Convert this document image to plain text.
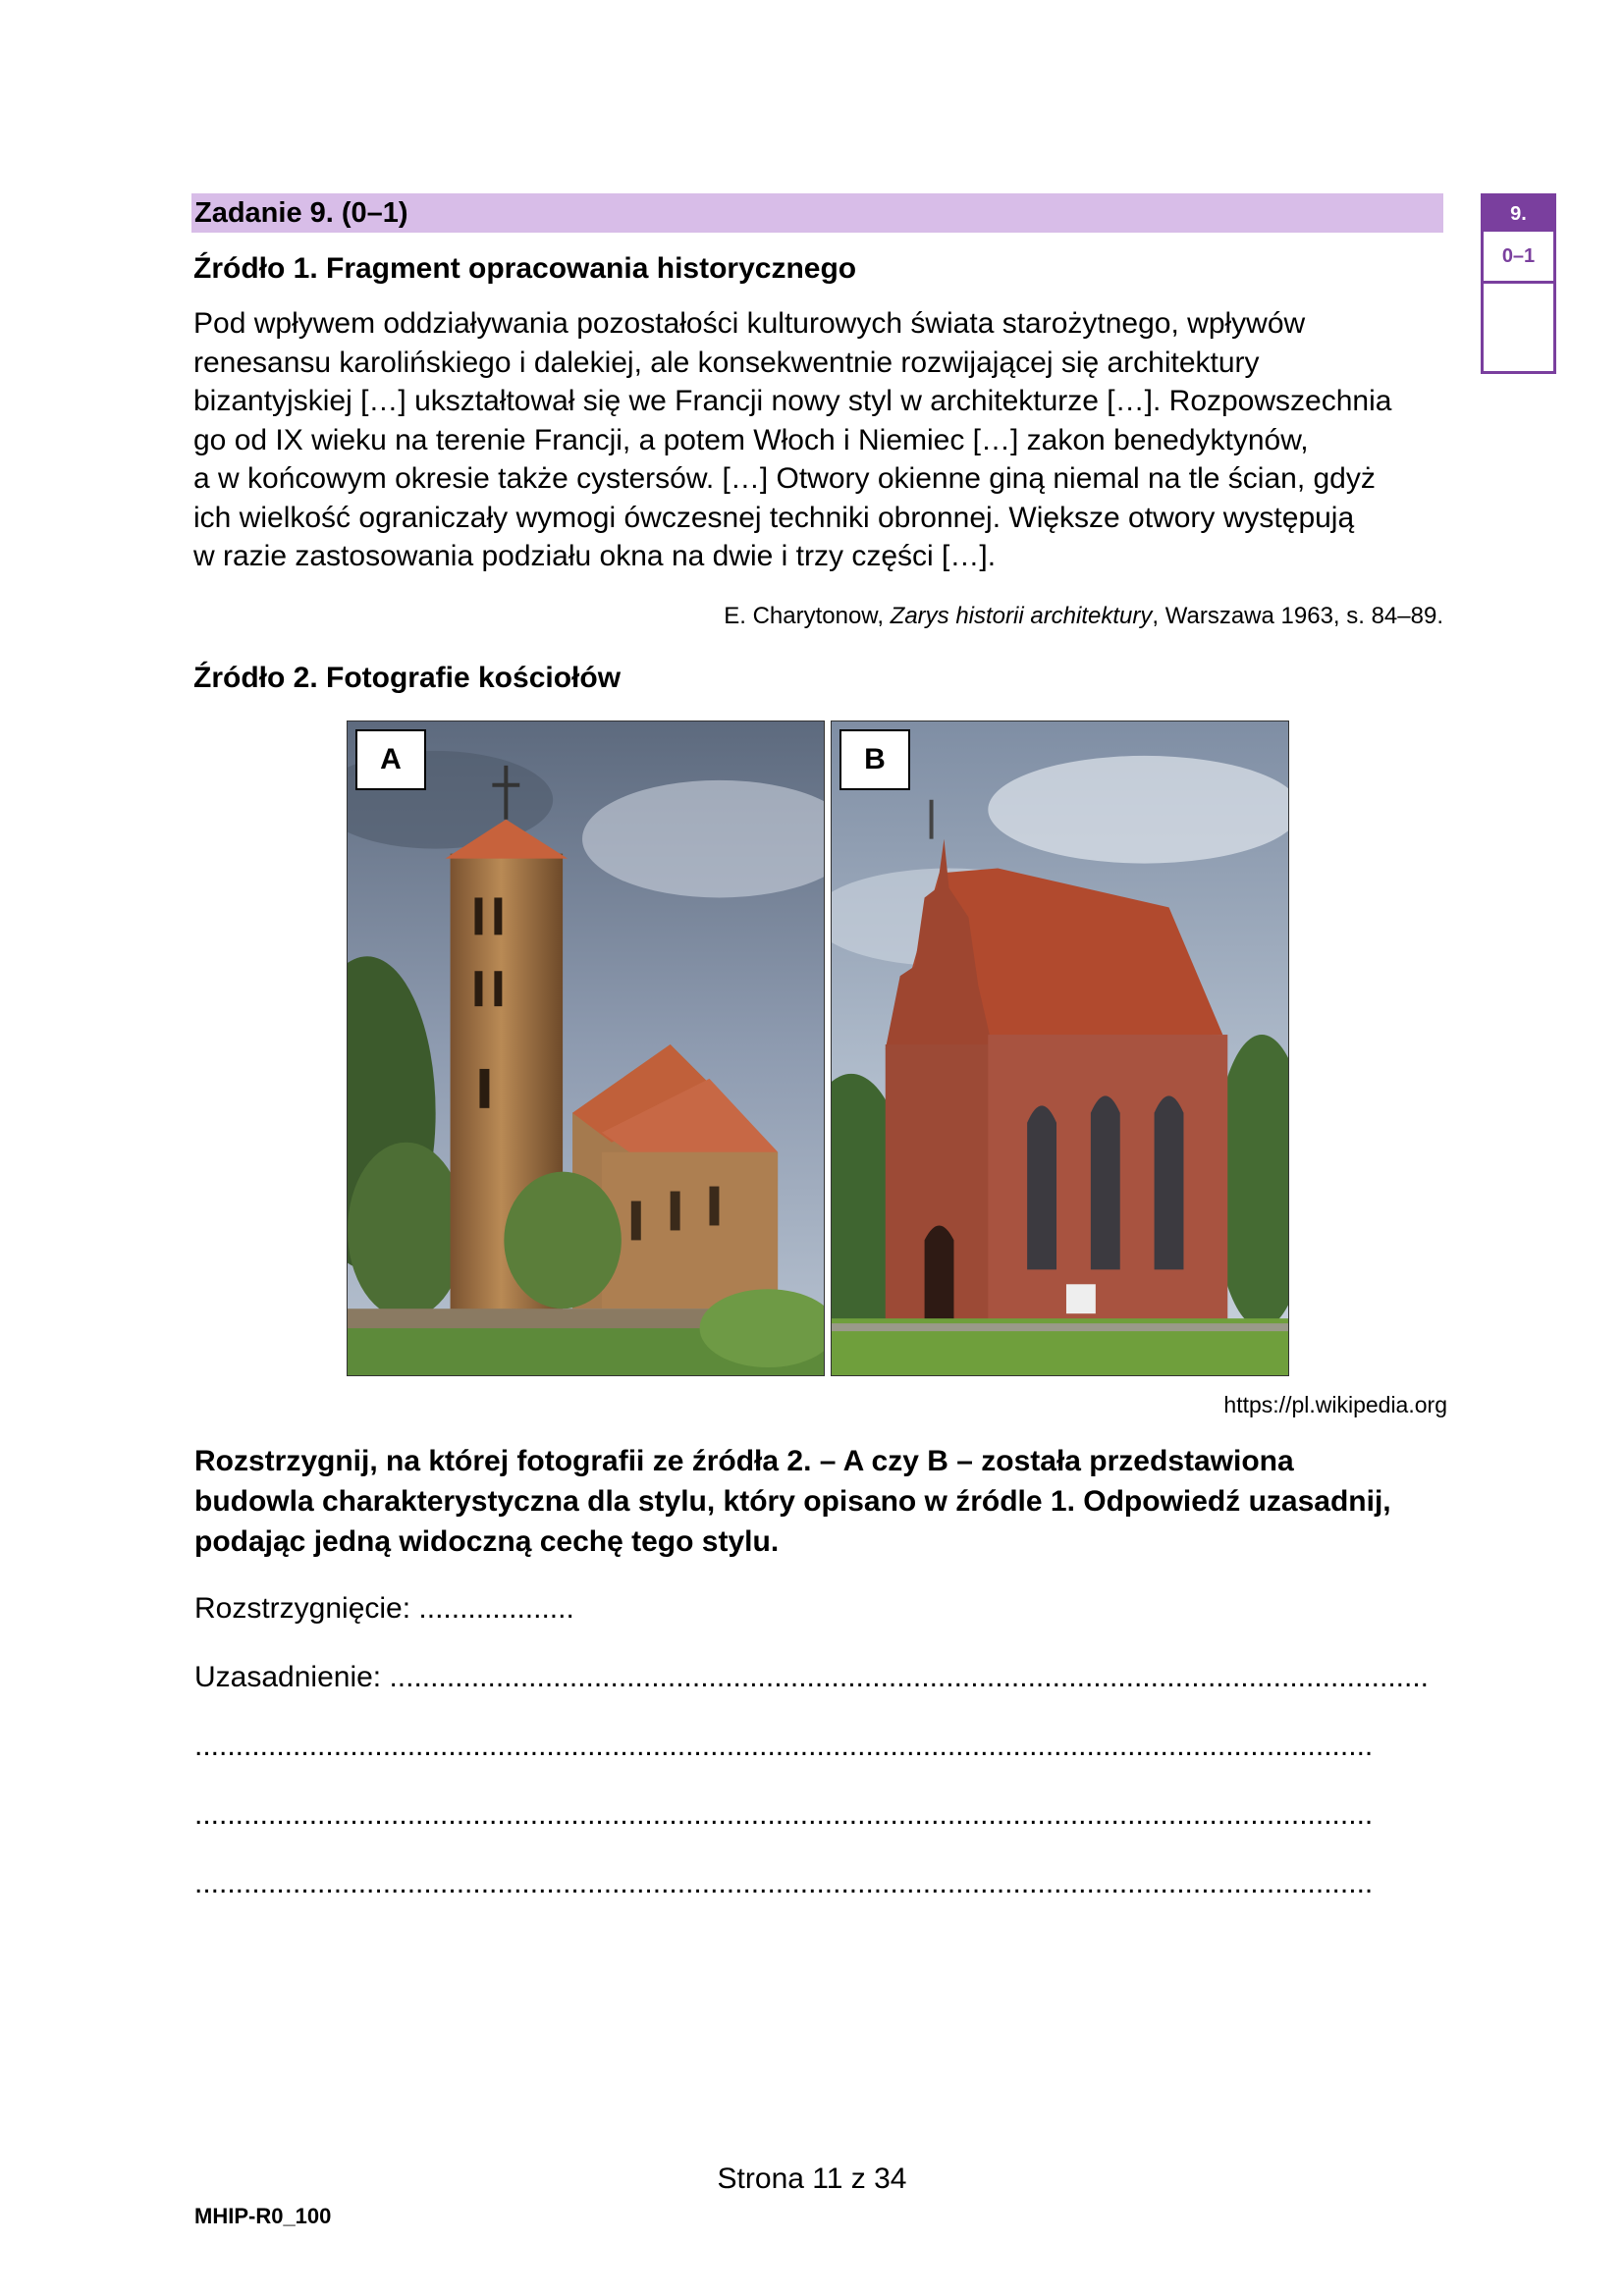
Zadanie 9. (0–1)	9.
0–1
Źródło 1. Fragment opracowania historycznego
Pod wpływem oddziaływania pozostałości kulturowych świata starożytnego, wpływów
renesansu karolińskiego i dalekiej, ale konsekwentnie rozwijającej się architektury
bizantyjskiej […] ukształtował się we Francji nowy styl w architekturze […]. Rozpowszechnia
go od IX wieku na terenie Francji, a potem Włoch i Niemiec […] zakon benedyktynów,
a w końcowym okresie także cystersów. […] Otwory okienne giną niemal na tle ścian, gdyż
ich wielkość ograniczały wymogi ówczesnej techniki obronnej. Większe otwory występują
w razie zastosowania podziału okna na dwie i trzy części […].
E. Charytonow, Zarys historii architektury, Warszawa 1963, s. 84–89.
Źródło 2. Fotografie kościołów
A	B
https://pl.wikipedia.org
Rozstrzygnij, na której fotografii ze źródła 2. – A czy B – została przedstawiona
budowla charakterystyczna dla stylu, który opisano w źródle 1. Odpowiedź uzasadnij,
podając jedną widoczną cechę tego stylu.
Rozstrzygnięcie: ...................
Uzasadnienie: ...............................................................................................................................
................................................................................................................................................
................................................................................................................................................
................................................................................................................................................
Strona 11 z 34
MHIP-R0_100
